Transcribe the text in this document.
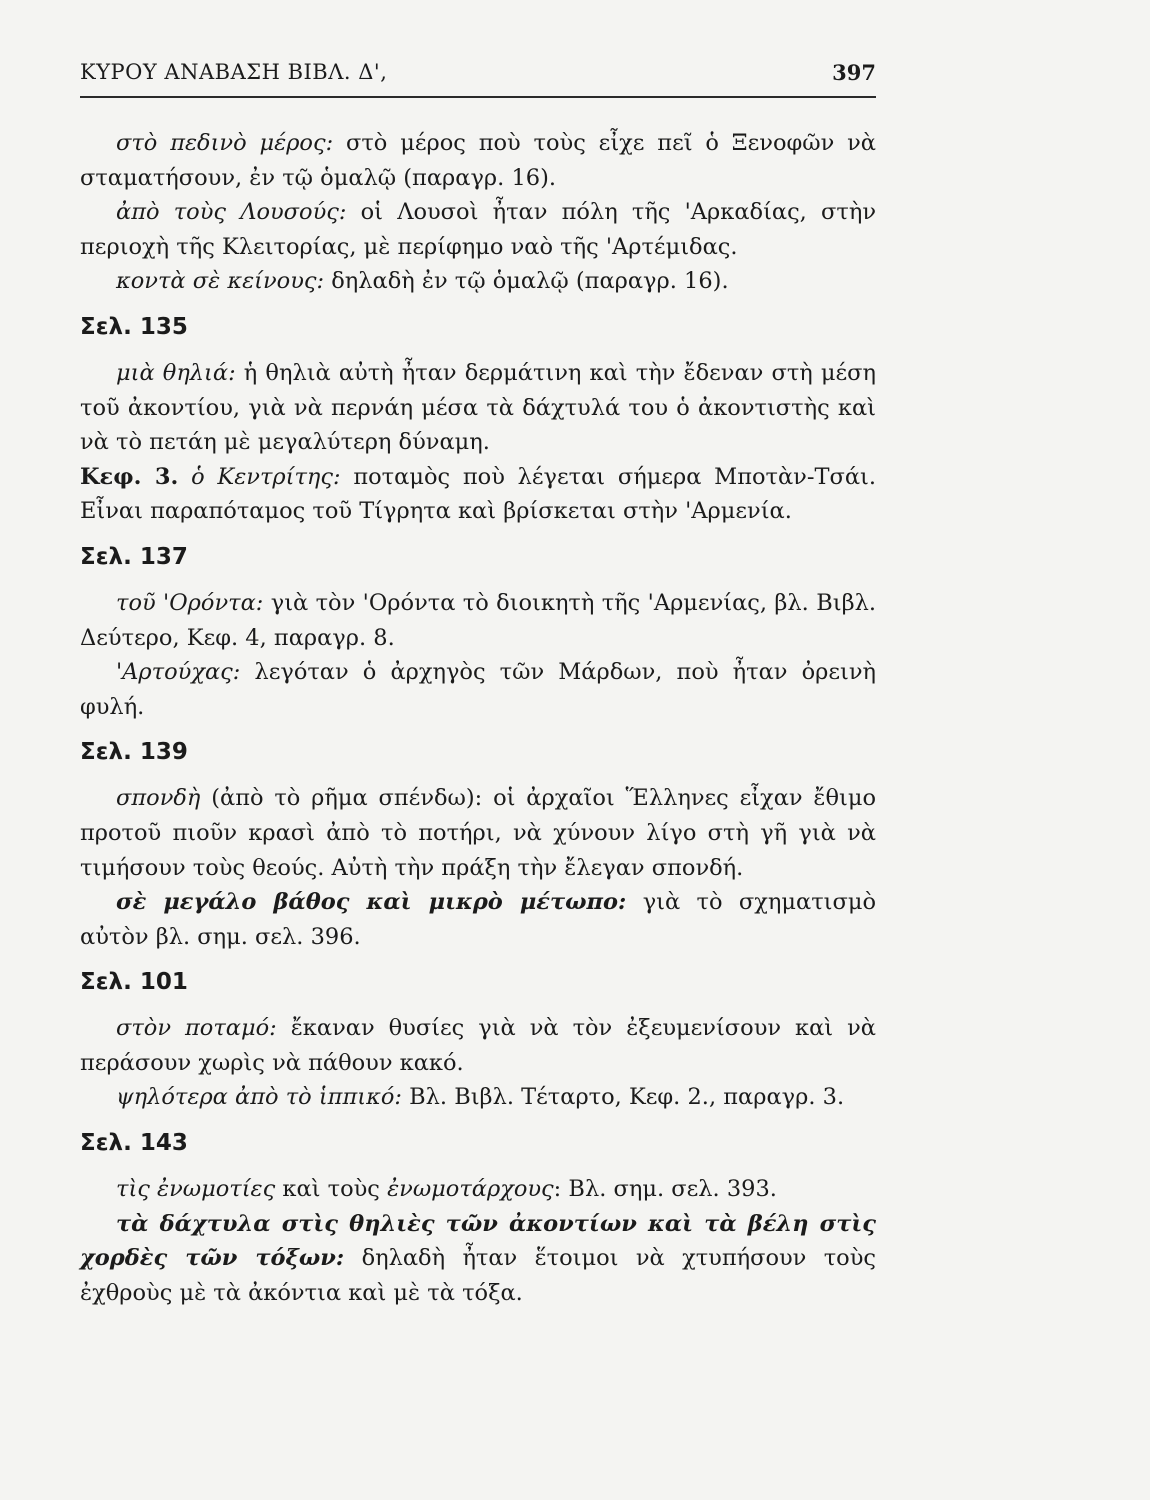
ΚΥΡΟΥ ΑΝΑΒΑΣΗ ΒΙΒΛ. Δ',	397

στὸ πεδινὸ μέρος: στὸ μέρος ποὺ τοὺς εἶχε πεῖ ὁ Ξενοφῶν νὰ σταματήσουν, ἐν τῷ ὁμαλῷ (παραγρ. 16).

ἀπὸ τοὺς Λουσούς: οἱ Λουσοὶ ἦταν πόλη τῆς 'Αρκαδίας, στὴν περιοχὴ τῆς Κλειτορίας, μὲ περίφημο ναὸ τῆς 'Αρτέμιδας.

κοντὰ σὲ κείνους: δηλαδὴ ἐν τῷ ὁμαλῷ (παραγρ. 16).

Σελ. 135

μιὰ θηλιά: ἡ θηλιὰ αὐτὴ ἦταν δερμάτινη καὶ τὴν ἔδεναν στὴ μέση τοῦ ἀκοντίου, γιὰ νὰ περνάη μέσα τὰ δάχτυλά του ὁ ἀκοντιστὴς καὶ νὰ τὸ πετάη μὲ μεγαλύτερη δύναμη.

Κεφ. 3. ὁ Κεντρίτης: ποταμὸς ποὺ λέγεται σήμερα Μποτὰν-Τσάι. Εἶναι παραπόταμος τοῦ Τίγρητα καὶ βρίσκεται στὴν 'Αρμενία.

Σελ. 137

τοῦ 'Ορόντα: γιὰ τὸν 'Ορόντα τὸ διοικητὴ τῆς 'Αρμενίας, βλ. Βιβλ. Δεύτερο, Κεφ. 4, παραγρ. 8.

'Αρτούχας: λεγόταν ὁ ἀρχηγὸς τῶν Μάρδων, ποὺ ἦταν ὀρεινὴ φυλή.

Σελ. 139

σπονδὴ (ἀπὸ τὸ ρῆμα σπένδω): οἱ ἀρχαῖοι Ἕλληνες εἶχαν ἔθιμο προτοῦ πιοῦν κρασὶ ἀπὸ τὸ ποτήρι, νὰ χύνουν λίγο στὴ γῆ γιὰ νὰ τιμήσουν τοὺς θεούς. Αὐτὴ τὴν πράξη τὴν ἔλεγαν σπονδή.

σὲ μεγάλο βάθος καὶ μικρὸ μέτωπο: γιὰ τὸ σχηματισμὸ αὐτὸν βλ. σημ. σελ. 396.

Σελ. 101

στὸν ποταμό: ἔκαναν θυσίες γιὰ νὰ τὸν ἐξευμενίσουν καὶ νὰ περάσουν χωρὶς νὰ πάθουν κακό.

ψηλότερα ἀπὸ τὸ ἱππικό: Βλ. Βιβλ. Τέταρτο, Κεφ. 2., παραγρ. 3.

Σελ. 143

τὶς ἐνωμοτίες καὶ τοὺς ἐνωμοτάρχους: Βλ. σημ. σελ. 393.

τὰ δάχτυλα στὶς θηλιὲς τῶν ἀκοντίων καὶ τὰ βέλη στὶς χορδὲς τῶν τόξων: δηλαδὴ ἦταν ἕτοιμοι νὰ χτυπήσουν τοὺς ἐχθροὺς μὲ τὰ ἀκόντια καὶ μὲ τὰ τόξα.
